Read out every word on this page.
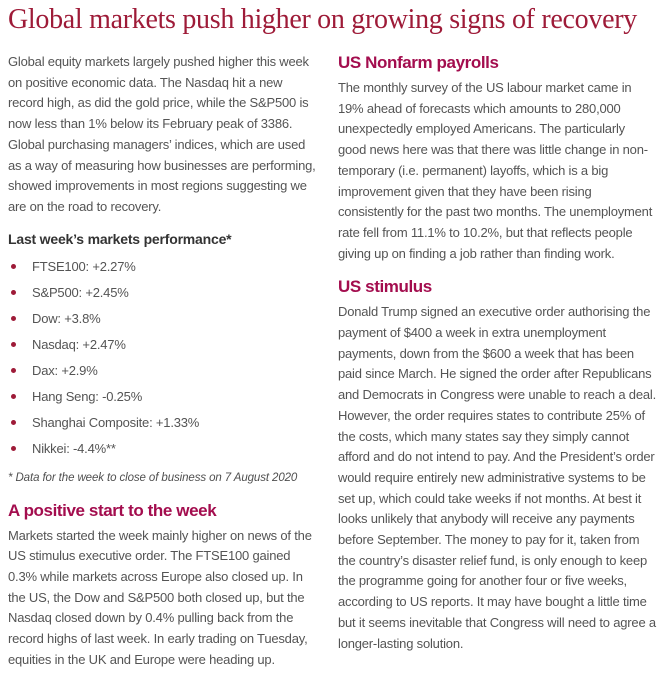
Global markets push higher on growing signs of recovery

Global equity markets largely pushed higher this week on positive economic data. The Nasdaq hit a new record high, as did the gold price, while the S&P500 is now less than 1% below its February peak of 3386. Global purchasing managers’ indices, which are used as a way of measuring how businesses are performing, showed improvements in most regions suggesting we are on the road to recovery.

Last week’s markets performance*
FTSE100: +2.27%
S&P500: +2.45%
Dow: +3.8%
Nasdaq: +2.47%
Dax: +2.9%
Hang Seng: -0.25%
Shanghai Composite: +1.33%
Nikkei: -4.4%**

* Data for the week to close of business on 7 August 2020

A positive start to the week

Markets started the week mainly higher on news of the US stimulus executive order. The FTSE100 gained 0.3% while markets across Europe also closed up. In the US, the Dow and S&P500 both closed up, but the Nasdaq closed down by 0.4% pulling back from the record highs of last week. In early trading on Tuesday, equities in the UK and Europe were heading up.

US Nonfarm payrolls

The monthly survey of the US labour market came in 19% ahead of forecasts which amounts to 280,000 unexpectedly employed Americans. The particularly good news here was that there was little change in non-temporary (i.e. permanent) layoffs, which is a big improvement given that they have been rising consistently for the past two months. The unemployment rate fell from 11.1% to 10.2%, but that reflects people giving up on finding a job rather than finding work.

US stimulus

Donald Trump signed an executive order authorising the payment of $400 a week in extra unemployment payments, down from the $600 a week that has been paid since March. He signed the order after Republicans and Democrats in Congress were unable to reach a deal. However, the order requires states to contribute 25% of the costs, which many states say they simply cannot afford and do not intend to pay. And the President’s order would require entirely new administrative systems to be set up, which could take weeks if not months. At best it looks unlikely that anybody will receive any payments before September. The money to pay for it, taken from the country’s disaster relief fund, is only enough to keep the programme going for another four or five weeks, according to US reports. It may have bought a little time but it seems inevitable that Congress will need to agree a longer-lasting solution.
